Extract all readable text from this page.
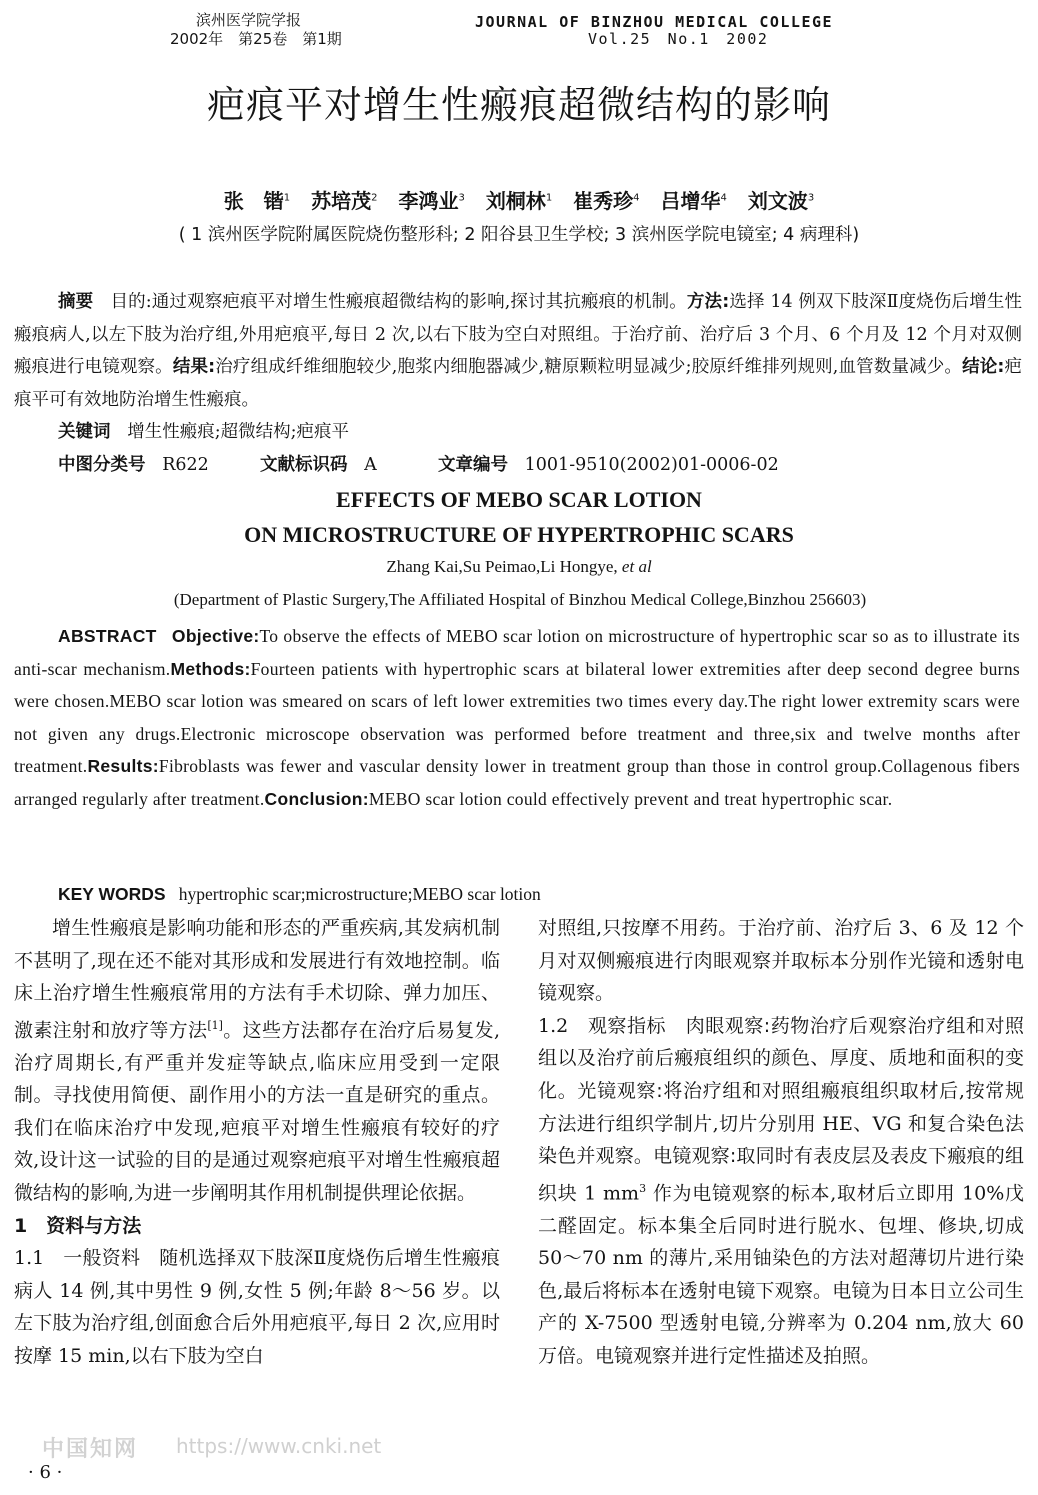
滨州医学院学报
2002年　第25卷　第1期
JOURNAL OF BINZHOU MEDICAL COLLEGE
Vol.25　No.1　2002
疤痕平对增生性瘢痕超微结构的影响
张　锴$^1$ 苏培茂$^2$ 李鸿业$^3$ 刘桐林$^1$ 崔秀珍$^4$ 吕增华$^4$ 刘文波$^3$
( 1 滨州医学院附属医院烧伤整形科; 2 阳谷县卫生学校; 3 滨州医学院电镜室; 4 病理科)
摘要 目的:通过观察疤痕平对增生性瘢痕超微结构的影响,探讨其抗瘢痕的机制。方法:选择 14 例双下肢深Ⅱ度烧伤后增生性瘢痕病人,以左下肢为治疗组,外用疤痕平,每日 2 次,以右下肢为空白对照组。于治疗前、治疗后 3 个月、6 个月及 12 个月对双侧瘢痕进行电镜观察。结果:治疗组成纤维细胞较少,胞浆内细胞器减少,糖原颗粒明显减少;胶原纤维排列规则,血管数量减少。结论:疤痕平可有效地防治增生性瘢痕。
关键词 增生性瘢痕;超微结构;疤痕平
中图分类号 R622	文献标识码 A	文章编号 1001-9510(2002)01-0006-02
EFFECTS OF MEBO SCAR LOTION
ON MICROSTRUCTURE OF HYPERTROPHIC SCARS
Zhang Kai,Su Peimao,Li Hongye, et al
(Department of Plastic Surgery,The Affiliated Hospital of Binzhou Medical College,Binzhou 256603)
ABSTRACT Objective:To observe the effects of MEBO scar lotion on microstructure of hypertrophic scar so as to illustrate its anti-scar mechanism.Methods:Fourteen patients with hypertrophic scars at bilateral lower extremities after deep second degree burns were chosen.MEBO scar lotion was smeared on scars of left lower extremities two times every day.The right lower extremity scars were not given any drugs.Electronic microscope observation was performed before treatment and three,six and twelve months after treatment.Results:Fibroblasts was fewer and vascular density lower in treatment group than those in control group.Collagenous fibers arranged regularly after treatment.Conclusion:MEBO scar lotion could effectively prevent and treat hypertrophic scar.
KEY WORDS hypertrophic scar;microstructure;MEBO scar lotion

增生性瘢痕是影响功能和形态的严重疾病,其发病机制不甚明了,现在还不能对其形成和发展进行有效地控制。临床上治疗增生性瘢痕常用的方法有手术切除、弹力加压、激素注射和放疗等方法[1]。这些方法都存在治疗后易复发,治疗周期长,有严重并发症等缺点,临床应用受到一定限制。寻找使用简便、副作用小的方法一直是研究的重点。我们在临床治疗中发现,疤痕平对增生性瘢痕有较好的疗效,设计这一试验的目的是通过观察疤痕平对增生性瘢痕超微结构的影响,为进一步阐明其作用机制提供理论依据。

1　资料与方法

1.1 一般资料 随机选择双下肢深Ⅱ度烧伤后增生性瘢痕病人 14 例,其中男性 9 例,女性 5 例;年龄 8～56 岁。以左下肢为治疗组,创面愈合后外用疤痕平,每日 2 次,应用时按摩 15 min,以右下肢为空白

对照组,只按摩不用药。于治疗前、治疗后 3、6 及 12 个月对双侧瘢痕进行肉眼观察并取标本分别作光镜和透射电镜观察。

1.2 观察指标 肉眼观察:药物治疗后观察治疗组和对照组以及治疗前后瘢痕组织的颜色、厚度、质地和面积的变化。光镜观察:将治疗组和对照组瘢痕组织取材后,按常规方法进行组织学制片,切片分别用 HE、VG 和复合染色法染色并观察。电镜观察:取同时有表皮层及表皮下瘢痕的组织块 1 $mm^3$ 作为电镜观察的标本,取材后立即用 10%戊二醛固定。标本集全后同时进行脱水、包埋、修块,切成 50～70 nm 的薄片,采用铀染色的方法对超薄切片进行染色,最后将标本在透射电镜下观察。电镜为日本日立公司生产的 X-7500 型透射电镜,分辨率为 0.204 nm,放大 60 万倍。电镜观察并进行定性描述及拍照。

中国知网 https://www.cnki.net
· 6 ·
